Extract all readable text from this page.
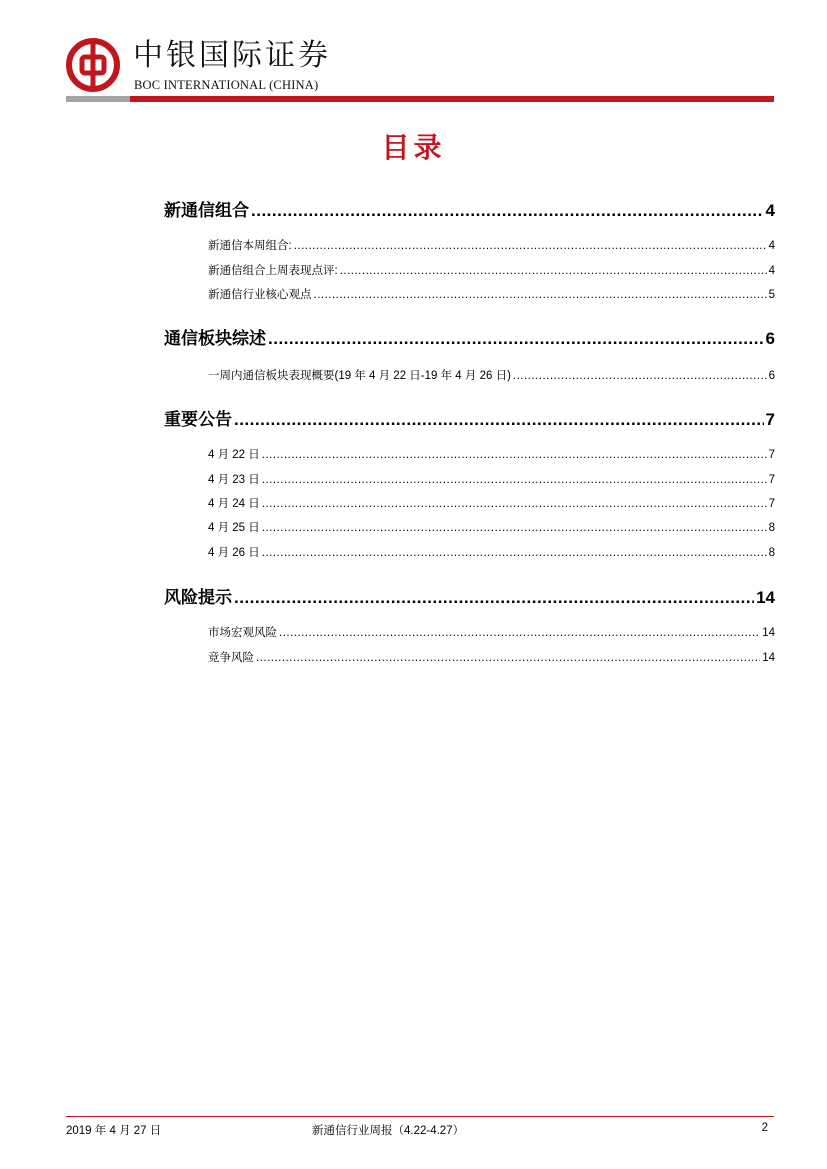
中银国际证券
BOC INTERNATIONAL (CHINA)
目录
新通信组合 .....	4
新通信本周组合: .....	4
新通信组合上周表现点评: .....	4
新通信行业核心观点 .....	5
通信板块综述 .....	6
一周内通信板块表现概要(19 年 4 月 22 日-19 年 4 月 26 日) .....	6
重要公告 .....	7
4 月 22 日 .....	7
4 月 23 日 .....	7
4 月 24 日 .....	7
4 月 25 日 .....	8
4 月 26 日 .....	8
风险提示 .....	14
市场宏观风险 .....	14
竞争风险 .....	14
2019 年 4 月 27 日	新通信行业周报（4.22-4.27）	2
